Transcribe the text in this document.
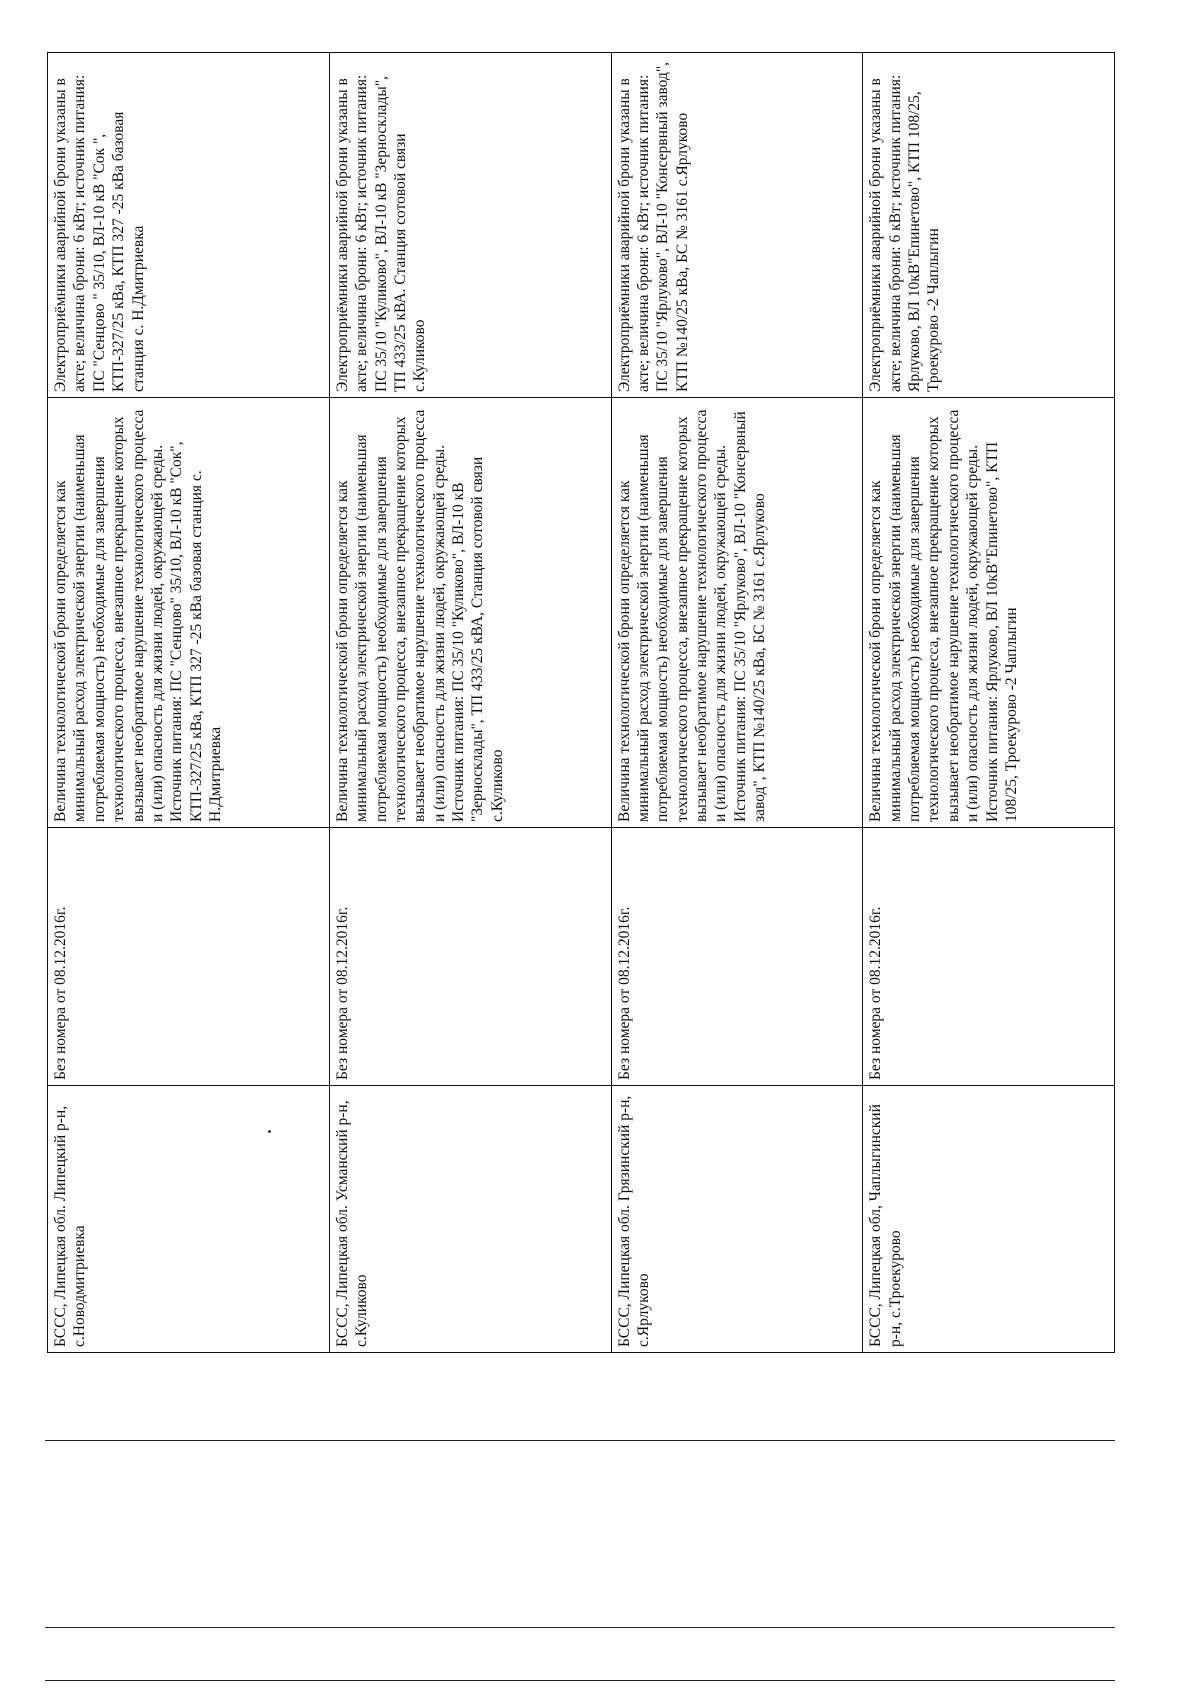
БССС, Липецкая обл. Липецкий р-н, с.Новодмитриевка	Без номера от 08.12.2016г.	Величина технологической брони определяется как минимальный расход электрической энергии (наименьшая потребляемая мощность) необходимые для завершения технологического процесса, внезапное прекращение которых вызывает необратимое нарушение технологического процесса и (или) опасность для жизни людей, окружающей среды. Источник питания: ПС "Сенцово" 35/10, ВЛ-10 кВ "Сок", КТП-327/25 кВа, КТП 327 -25 кВа базовая станция с. Н.Дмитриевка	Электроприёмники аварийной брони указаны в акте; величина брони: 6 кВт; источник питания: ПС "Сенцово " 35/10, ВЛ-10 кВ "Сок ", КТП-327/25 кВа, КТП 327 -25 кВа базовая станция с. Н.Дмитриевка
БССС, Липецкая обл. Усманский р-н, с.Куликово	Без номера от 08.12.2016г.	Величина технологической брони определяется как минимальный расход электрической энергии (наименьшая потребляемая мощность) необходимые для завершения технологического процесса, внезапное прекращение которых вызывает необратимое нарушение технологического процесса и (или) опасность для жизни людей, окружающей среды. Источник питания: ПС 35/10 "Куликово", ВЛ-10 кВ "Зерносклады", ТП 433/25 кВА, Станция сотовой связи с.Куликово	Электроприёмники аварийной брони указаны в акте; величина брони: 6 кВт; источник питания: ПС 35/10 "Куликово", ВЛ-10 кВ "Зерносклады", ТП 433/25 кВА. Станция сотовой связи с.Куликово
БССС, Липецкая обл. Грязинский р-н, с.Ярлуково	Без номера от 08.12.2016г.	Величина технологической брони определяется как минимальный расход электрической энергии (наименьшая потребляемая мощность) необходимые для завершения технологического процесса, внезапное прекращение которых вызывает необратимое нарушение технологического процесса и (или) опасность для жизни людей, окружающей среды. Источник питания: ПС 35/10 "Ярлуково", ВЛ-10 "Консервный завод", КТП №140/25 кВа, БС № 3161 с.Ярлуково	Электроприёмники аварийной брони указаны в акте; величина брони: 6 кВт; источник питания: ПС 35/10 "Ярлуково", ВЛ-10 "Консервный завод", КТП №140/25 кВа, БС № 3161 с.Ярлуково
БССС, Липецкая обл, Чаплыгинский р-н, с.Троекурово	Без номера от 08.12.2016г.	Величина технологической брони определяется как минимальный расход электрической энергии (наименьшая потребляемая мощность) необходимые для завершения технологического процесса, внезапное прекращение которых вызывает необратимое нарушение технологического процесса и (или) опасность для жизни людей, окружающей среды. Источник питания: Ярлуково, ВЛ 10кВ"Епинетово", КТП 108/25, Троекурово -2 Чаплыгин	Электроприёмники аварийной брони указаны в акте; величина брони: 6 кВт; источник питания: Ярлуково, ВЛ 10кВ"Епинетово", КТП 108/25, Троекурово -2 Чаплыгин
